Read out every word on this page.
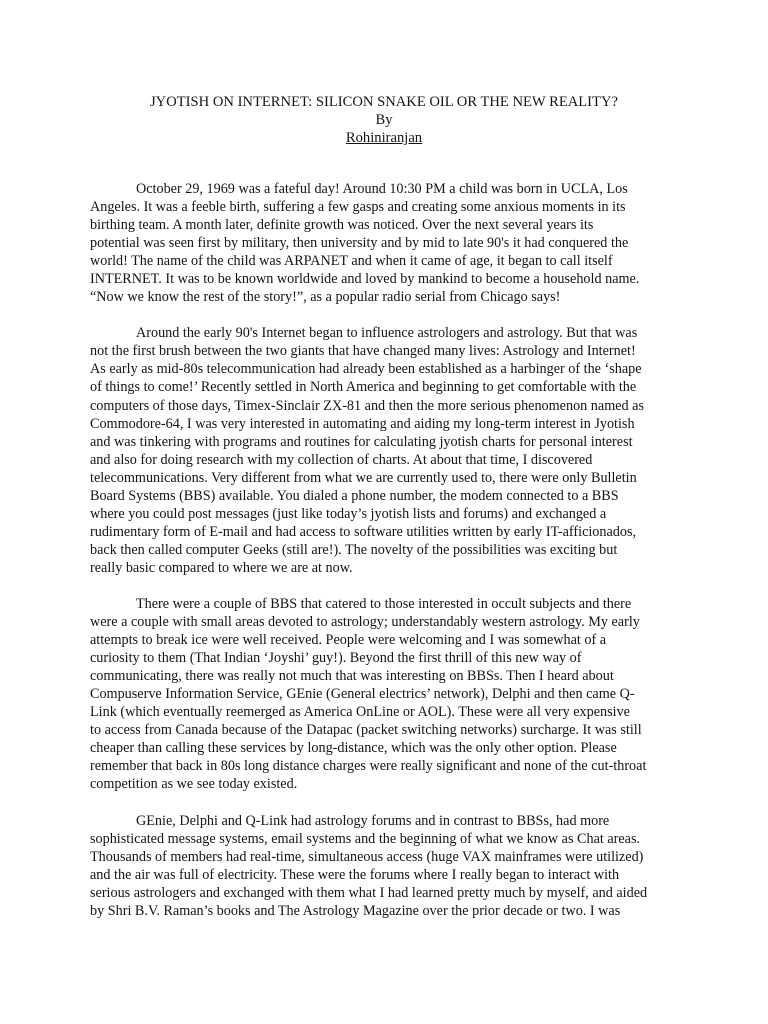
JYOTISH ON INTERNET: SILICON SNAKE OIL OR THE NEW REALITY?
By
Rohiniranjan
October 29, 1969 was a fateful day! Around 10:30 PM a child was born in UCLA, Los
Angeles. It was a feeble birth, suffering a few gasps and creating some anxious moments in its
birthing team. A month later, definite growth was noticed. Over the next several years its
potential was seen first by military, then university and by mid to late 90's it had conquered the
world! The name of the child was ARPANET and when it came of age, it began to call itself
INTERNET. It was to be known worldwide and loved by mankind to become a household name.
“Now we know the rest of the story!”, as a popular radio serial from Chicago says!
Around the early 90's Internet began to influence astrologers and astrology. But that was
not the first brush between the two giants that have changed many lives: Astrology and Internet!
As early as mid-80s telecommunication had already been established as a harbinger of the ‘shape
of things to come!’ Recently settled in North America and beginning to get comfortable with the
computers of those days, Timex-Sinclair ZX-81 and then the more serious phenomenon named as
Commodore-64, I was very interested in automating and aiding my long-term interest in Jyotish
and was tinkering with programs and routines for calculating jyotish charts for personal interest
and also for doing research with my collection of charts. At about that time, I discovered
telecommunications. Very different from what we are currently used to, there were only Bulletin
Board Systems (BBS) available. You dialed a phone number, the modem connected to a BBS
where you could post messages (just like today’s jyotish lists and forums) and exchanged a
rudimentary form of E-mail and had access to software utilities written by early IT-afficionados,
back then called computer Geeks (still are!). The novelty of the possibilities was exciting but
really basic compared to where we are at now.
There were a couple of BBS that catered to those interested in occult subjects and there
were a couple with small areas devoted to astrology; understandably western astrology. My early
attempts to break ice were well received. People were welcoming and I was somewhat of a
curiosity to them (That Indian ‘Joyshi’ guy!). Beyond the first thrill of this new way of
communicating, there was really not much that was interesting on BBSs. Then I heard about
Compuserve Information Service, GEnie (General electrics’ network), Delphi and then came Q-
Link (which eventually reemerged as America OnLine or AOL). These were all very expensive
to access from Canada because of the Datapac (packet switching networks) surcharge. It was still
cheaper than calling these services by long-distance, which was the only other option. Please
remember that back in 80s long distance charges were really significant and none of the cut-throat
competition as we see today existed.
GEnie, Delphi and Q-Link had astrology forums and in contrast to BBSs, had more
sophisticated message systems, email systems and the beginning of what we know as Chat areas.
Thousands of members had real-time, simultaneous access (huge VAX mainframes were utilized)
and the air was full of electricity. These were the forums where I really began to interact with
serious astrologers and exchanged with them what I had learned pretty much by myself, and aided
by Shri B.V. Raman’s books and The Astrology Magazine over the prior decade or two. I was
